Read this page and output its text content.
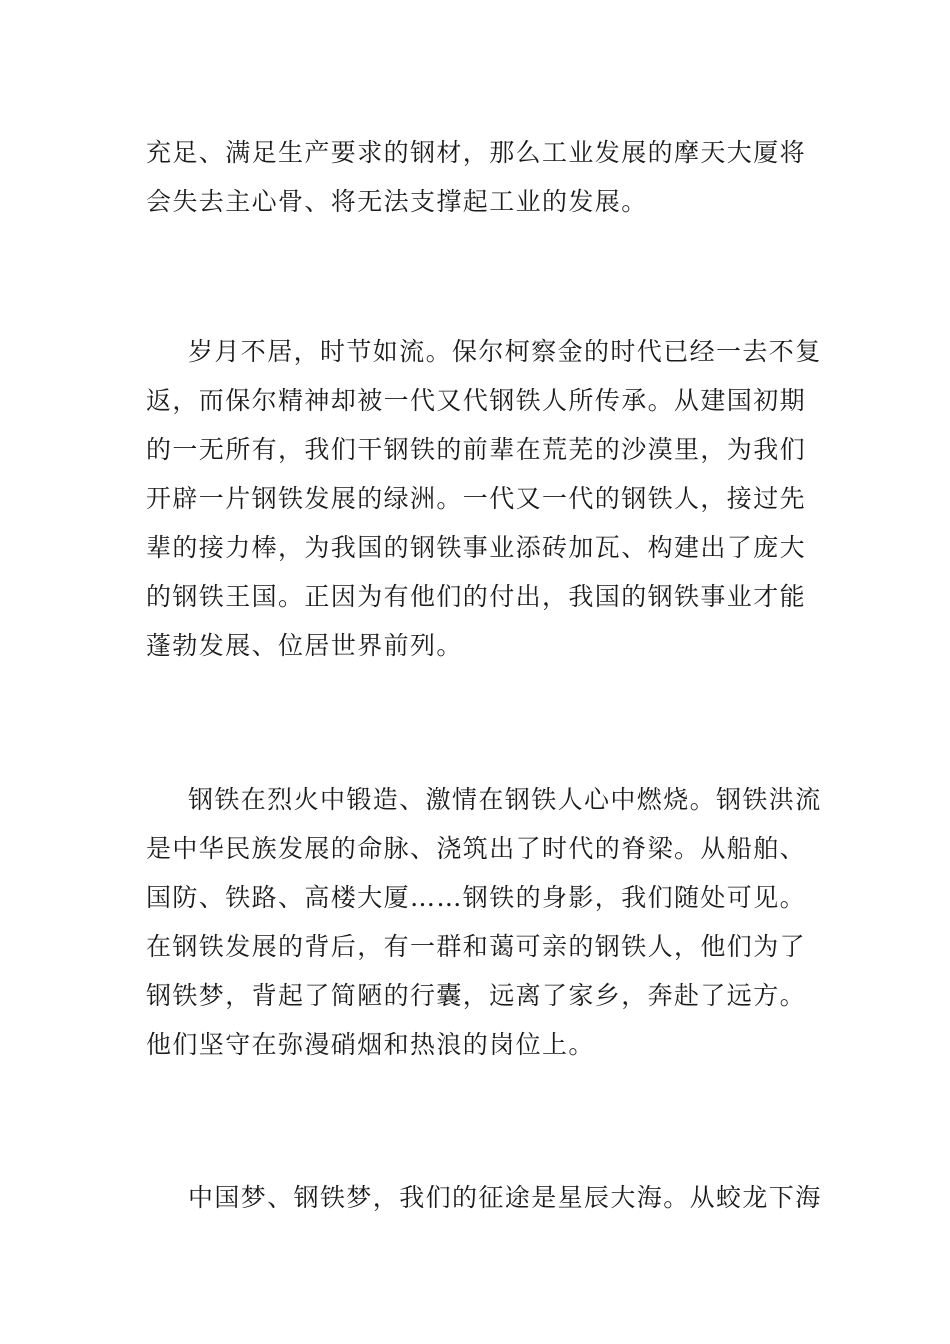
充足、满足生产要求的钢材，那么工业发展的摩天大厦将
会失去主心骨、将无法支撑起工业的发展。
岁月不居，时节如流。保尔柯察金的时代已经一去不复
返，而保尔精神却被一代又代钢铁人所传承。从建国初期
的一无所有，我们干钢铁的前辈在荒芜的沙漠里，为我们
开辟一片钢铁发展的绿洲。一代又一代的钢铁人，接过先
辈的接力棒，为我国的钢铁事业添砖加瓦、构建出了庞大
的钢铁王国。正因为有他们的付出，我国的钢铁事业才能
蓬勃发展、位居世界前列。
钢铁在烈火中锻造、激情在钢铁人心中燃烧。钢铁洪流
是中华民族发展的命脉、浇筑出了时代的脊梁。从船舶、
国防、铁路、高楼大厦……钢铁的身影，我们随处可见。
在钢铁发展的背后，有一群和蔼可亲的钢铁人，他们为了
钢铁梦，背起了简陋的行囊，远离了家乡，奔赴了远方。
他们坚守在弥漫硝烟和热浪的岗位上。
中国梦、钢铁梦，我们的征途是星辰大海。从蛟龙下海
